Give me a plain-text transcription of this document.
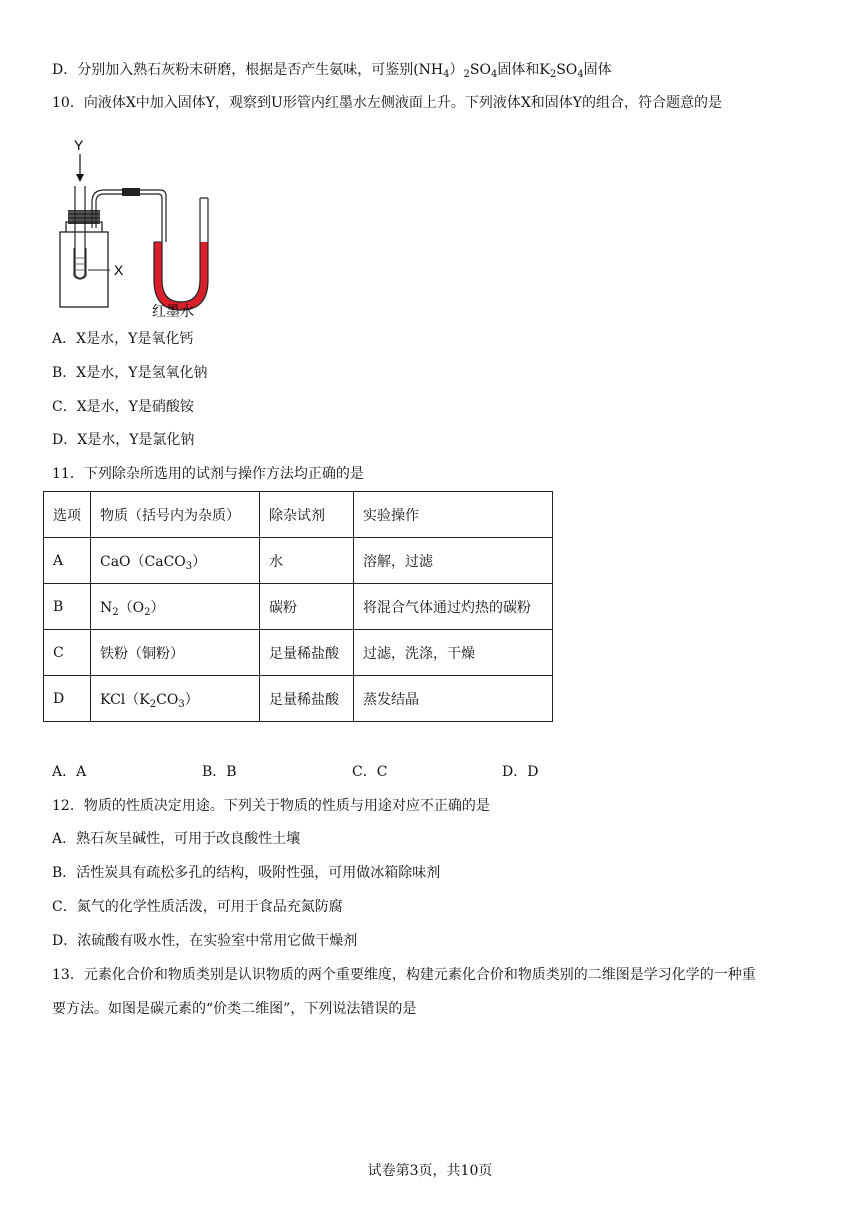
D．分别加入熟石灰粉末研磨，根据是否产生氨味，可鉴别$(NH_4)_2SO_4$固体和$K_2SO_4$固体
10．向液体X中加入固体Y，观察到U形管内红墨水左侧液面上升。下列液体X和固体Y的组合，符合题意的是
Y
X
红墨水
A．X是水，Y是氧化钙
B．X是水，Y是氢氧化钠
C．X是水，Y是硝酸铵
D．X是水，Y是氯化钠
11．下列除杂所选用的试剂与操作方法均正确的是
选项	物质（括号内为杂质）	除杂试剂	实验操作
A	CaO（CaCO$_3$）	水	溶解，过滤
B	$N_2(O_2)$	碳粉	将混合气体通过灼热的碳粉
C	铁粉（铜粉）	足量稀盐酸	过滤，洗涤，干燥
D	$KCl(K_2CO_3)$	足量稀盐酸	蒸发结晶
A．A	B．B	C．C	D．D
12．物质的性质决定用途。下列关于物质的性质与用途对应不正确的是
A．熟石灰呈碱性，可用于改良酸性土壤
B．活性炭具有疏松多孔的结构，吸附性强，可用做冰箱除味剂
C．氮气的化学性质活泼，可用于食品充氮防腐
D．浓硫酸有吸水性，在实验室中常用它做干燥剂
13．元素化合价和物质类别是认识物质的两个重要维度，构建元素化合价和物质类别的二维图是学习化学的一种重
要方法。如图是碳元素的“价类二维图”，下列说法错误的是
试卷第3页，共10页
